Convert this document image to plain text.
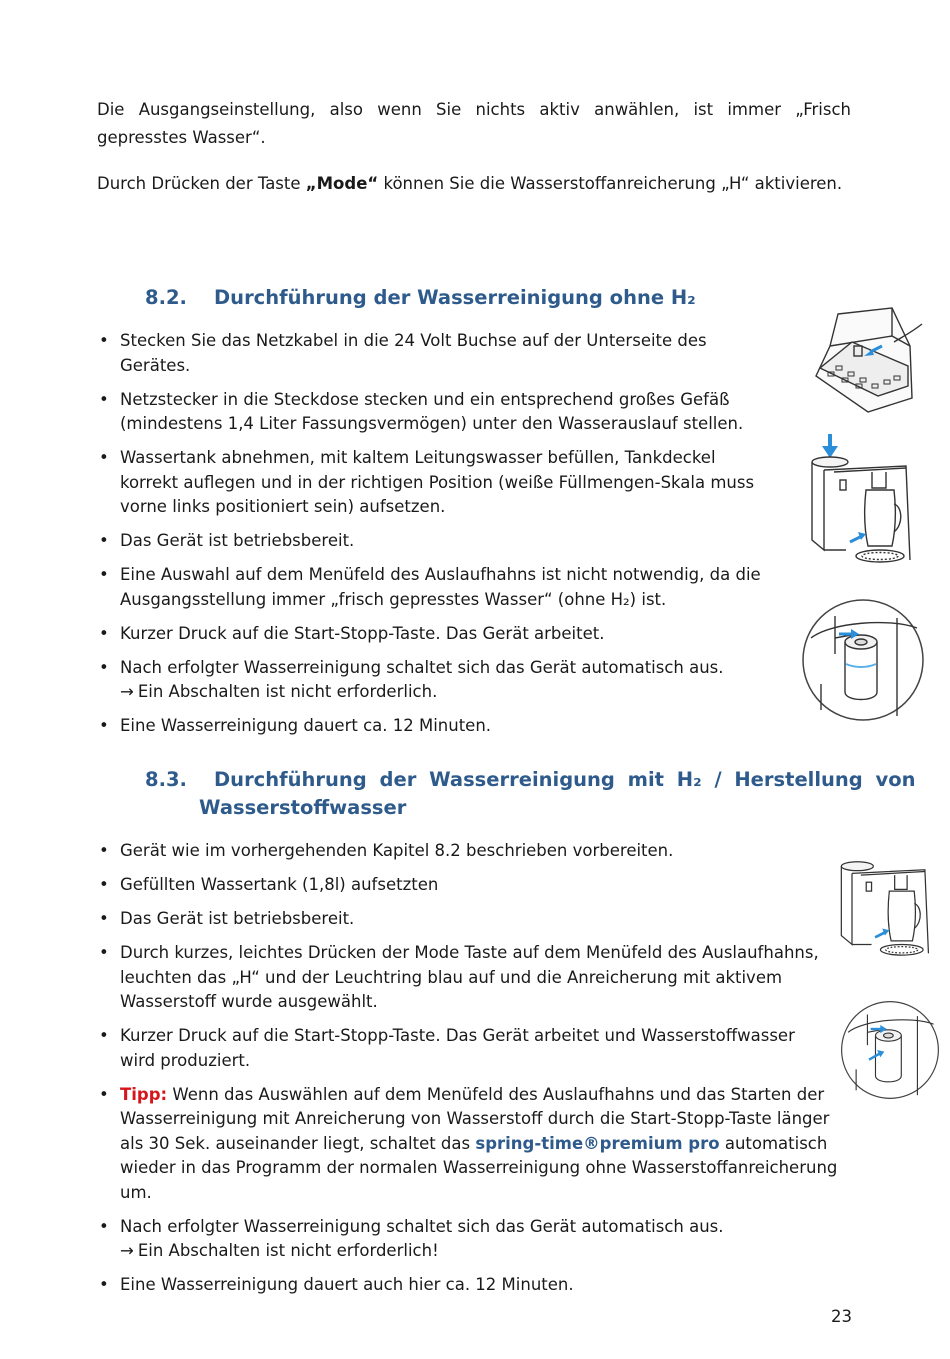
Die Ausgangseinstellung, also wenn Sie nichts aktiv anwählen, ist immer „Frisch gepresstes Wasser“.

Durch Drücken der Taste „Mode“ können Sie die Wasserstoffanreicherung „H“ aktivieren.

8.2. Durchführung der Wasserreinigung ohne H₂
• Stecken Sie das Netzkabel in die 24 Volt Buchse auf der Unterseite des Gerätes.
• Netzstecker in die Steckdose stecken und ein entsprechend großes Gefäß (mindestens 1,4 Liter Fassungsvermögen) unter den Wasserauslauf stellen.
• Wassertank abnehmen, mit kaltem Leitungswasser befüllen, Tankdeckel korrekt auflegen und in der richtigen Position (weiße Füllmengen-Skala muss vorne links positioniert sein) aufsetzen.
• Das Gerät ist betriebsbereit.
• Eine Auswahl auf dem Menüfeld des Auslaufhahns ist nicht notwendig, da die Ausgangsstellung immer „frisch gepresstes Wasser“ (ohne H₂) ist.
• Kurzer Druck auf die Start-Stopp-Taste. Das Gerät arbeitet.
• Nach erfolgter Wasserreinigung schaltet sich das Gerät automatisch aus.
→ Ein Abschalten ist nicht erforderlich.
• Eine Wasserreinigung dauert ca. 12 Minuten.
8.3. Durchführung der Wasserreinigung mit H₂ / Herstellung von
Wasserstoffwasser
• Gerät wie im vorhergehenden Kapitel 8.2 beschrieben vorbereiten.
• Gefüllten Wassertank (1,8l) aufsetzten
• Das Gerät ist betriebsbereit.
• Durch kurzes, leichtes Drücken der Mode Taste auf dem Menüfeld des Auslaufhahns, leuchten das „H“ und der Leuchtring blau auf und die Anreicherung mit aktivem Wasserstoff wurde ausgewählt.
• Kurzer Druck auf die Start-Stopp-Taste. Das Gerät arbeitet und Wasserstoffwasser wird produziert.
• Tipp: Wenn das Auswählen auf dem Menüfeld des Auslaufhahns und das Starten der Wasserreinigung mit Anreicherung von Wasserstoff durch die Start-Stopp-Taste länger als 30 Sek. auseinander liegt, schaltet das spring-time®premium pro automatisch wieder in das Programm der normalen Wasserreinigung ohne Wasserstoffanreicherung um.
• Nach erfolgter Wasserreinigung schaltet sich das Gerät automatisch aus.
→ Ein Abschalten ist nicht erforderlich!
• Eine Wasserreinigung dauert auch hier ca. 12 Minuten.
23
